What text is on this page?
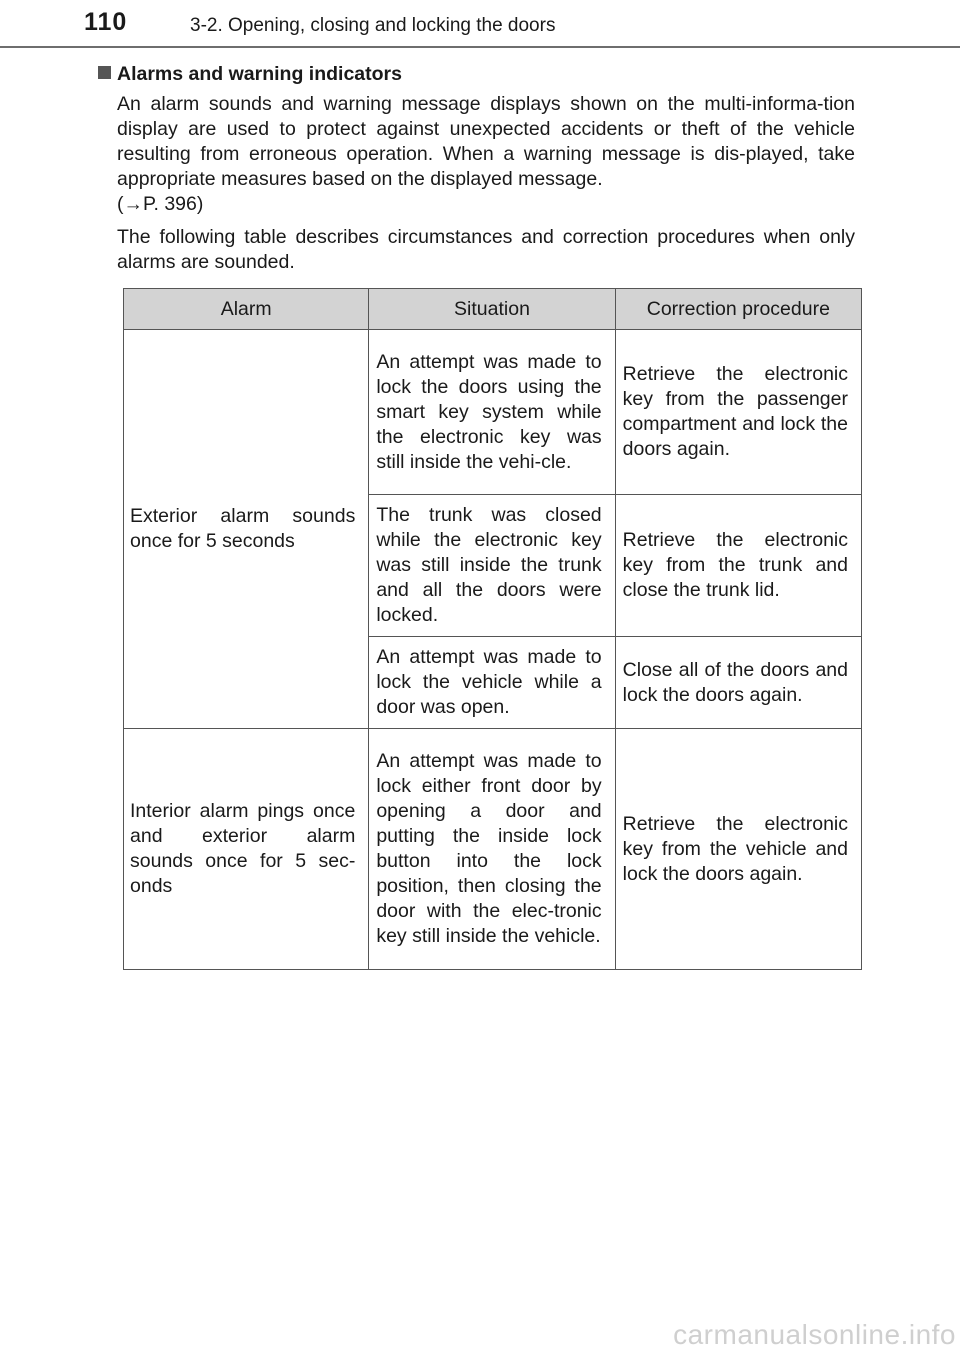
110	3-2. Opening, closing and locking the doors
Alarms and warning indicators
An alarm sounds and warning message displays shown on the multi-informa-tion display are used to protect against unexpected accidents or theft of the vehicle resulting from erroneous operation. When a warning message is dis-played, take appropriate measures based on the displayed message.
(→P. 396)
The following table describes circumstances and correction procedures when only alarms are sounded.
Alarm	Situation	Correction procedure
Exterior alarm sounds once for 5 seconds	An attempt was made to lock the doors using the smart key system while the electronic key was still inside the vehi-cle.	Retrieve the electronic key from the passenger compartment and lock the doors again.
	The trunk was closed while the electronic key was still inside the trunk and all the doors were locked.	Retrieve the electronic key from the trunk and close the trunk lid.
	An attempt was made to lock the vehicle while a door was open.	Close all of the doors and lock the doors again.
Interior alarm pings once and exterior alarm sounds once for 5 sec-onds	An attempt was made to lock either front door by opening a door and putting the inside lock button into the lock position, then closing the door with the elec-tronic key still inside the vehicle.	Retrieve the electronic key from the vehicle and lock the doors again.
carmanualsonline.info
